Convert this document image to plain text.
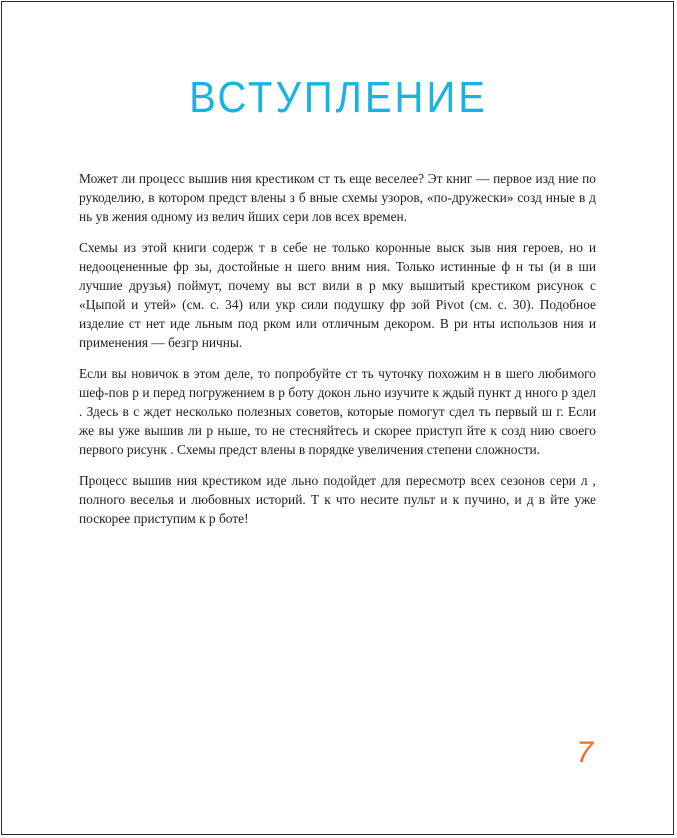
ВСТУПЛЕНИЕ

Может ли процесс вышив ния крестиком ст ть еще веселее? Эт книг — первое изд ние по рукоделию, в котором предст влены з б вные схемы узоров, «по-дружески» созд нные в д нь ув жения одному из велич йших сери лов всех времен.

Схемы из этой книги содерж т в себе не только коронные выск зыв ния героев, но и недооцененные фр зы, достойные н шего вним ния. Только истинные ф н ты (и в ши лучшие друзья) поймут, почему вы вст вили в р мку вышитый крестиком рисунок с «Цыпой и утей» (см. с. 34) или укр сили подушку фр зой Pivot (см. с. 30). Подобное изделие ст нет иде льным под рком или отличным декором. В ри нты использов ния и применения — безгр ничны.

Если вы новичок в этом деле, то попробуйте ст ть чуточку похожим н в шего любимого шеф-пов р и перед погружением в р боту докон льно изучите к ждый пункт д нного р здел . Здесь в с ждет несколько полезных советов, которые помогут сдел ть первый ш г. Если же вы уже вышив ли р ньше, то не стесняйтесь и скорее приступ йте к созд нию своего первого рисунк . Схемы предст влены в порядке увеличения степени сложности.

Процесс вышив ния крестиком иде льно подойдет для пересмотр всех сезонов сери л , полного веселья и любовных историй. Т к что несите пульт и к пучино, и д в йте уже поскорее приступим к р боте!

7
